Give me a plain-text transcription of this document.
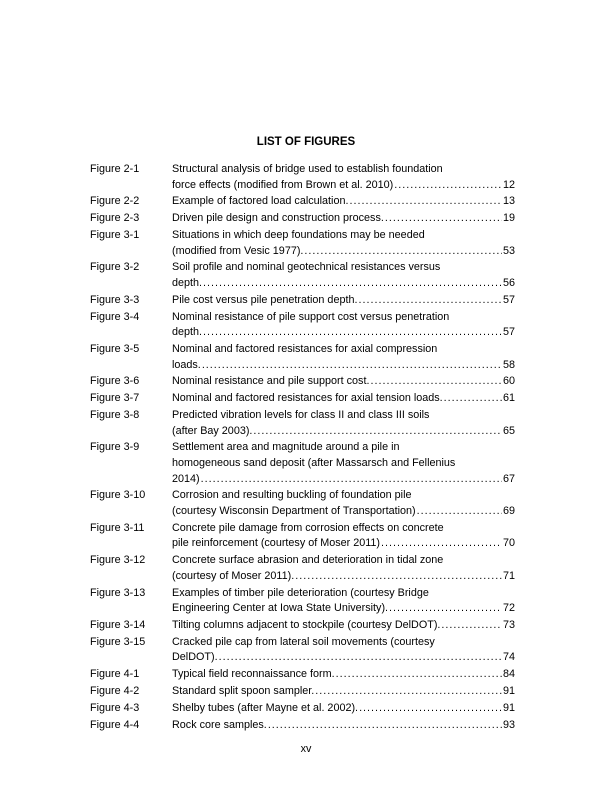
LIST OF FIGURES
Figure 2-1	Structural analysis of bridge used to establish foundation
force effects (modified from Brown et al. 2010) .....	12
Figure 2-2	Example of factored load calculation. .....	13
Figure 2-3	Driven pile design and construction process. .....	19
Figure 3-1	Situations in which deep foundations may be needed
(modified from Vesic 1977). .....	53
Figure 3-2	Soil profile and nominal geotechnical resistances versus
depth. .....	56
Figure 3-3	Pile cost versus pile penetration depth. .....	57
Figure 3-4	Nominal resistance of pile support cost versus penetration
depth. .....	57
Figure 3-5	Nominal and factored resistances for axial compression
loads. .....	58
Figure 3-6	Nominal resistance and pile support cost. .....	60
Figure 3-7	Nominal and factored resistances for axial tension loads. .....	61
Figure 3-8	Predicted vibration levels for class II and class III soils
(after Bay 2003). .....	65
Figure 3-9	Settlement area and magnitude around a pile in
homogeneous sand deposit (after Massarsch and Fellenius
2014) .....	67
Figure 3-10 Corrosion and resulting buckling of foundation pile
(courtesy Wisconsin Department of Transportation) .....	69
Figure 3-11	Concrete pile damage from corrosion effects on concrete
pile reinforcement (courtesy of Moser 2011) .....	70
Figure 3-12 Concrete surface abrasion and deterioration in tidal zone
(courtesy of Moser 2011). .....	71
Figure 3-13 Examples of timber pile deterioration (courtesy Bridge
Engineering Center at Iowa State University). .....	72
Figure 3-14 Tilting columns adjacent to stockpile (courtesy DelDOT). .....	73
Figure 3-15 Cracked pile cap from lateral soil movements (courtesy
DelDOT). .....	74
Figure 4-1	Typical field reconnaissance form. .....	84
Figure 4-2	Standard split spoon sampler. .....	91
Figure 4-3	Shelby tubes (after Mayne et al. 2002). .....	91
Figure 4-4	Rock core samples. .....	93
xv
